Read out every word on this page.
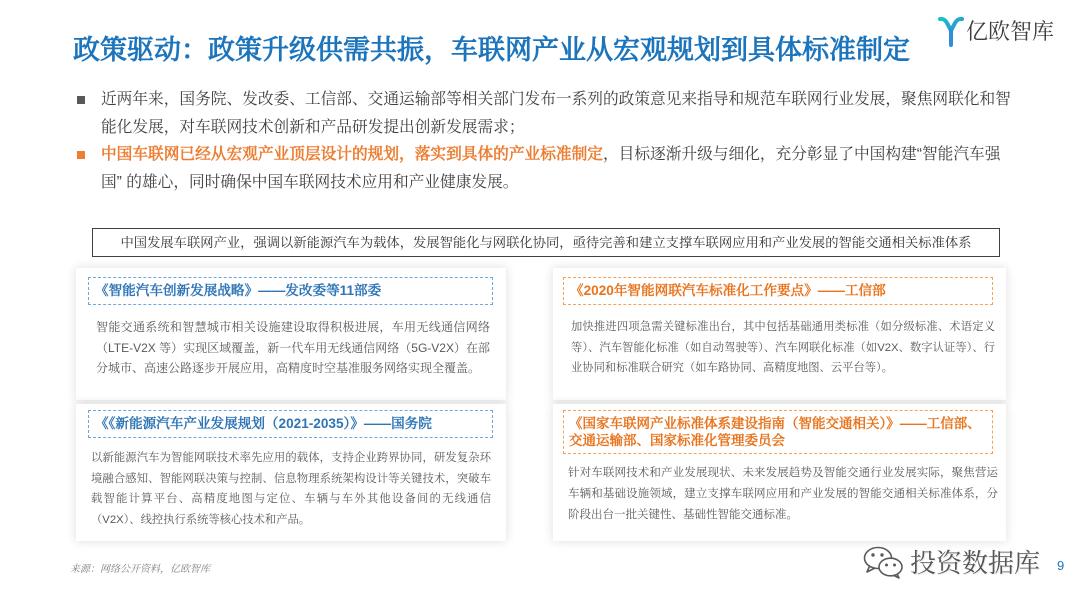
政策驱动：政策升级供需共振，车联网产业从宏观规划到具体标准制定
亿欧智库
近两年来，国务院、发改委、工信部、交通运输部等相关部门发布一系列的政策意见来指导和规范车联网行业发展，聚焦网联化和智能化发展，对车联网技术创新和产品研发提出创新发展需求；
中国车联网已经从宏观产业顶层设计的规划，落实到具体的产业标准制定，目标逐渐升级与细化，充分彰显了中国构建“智能汽车强国” 的雄心，同时确保中国车联网技术应用和产业健康发展。
中国发展车联网产业，强调以新能源汽车为载体，发展智能化与网联化协同，亟待完善和建立支撑车联网应用和产业发展的智能交通相关标准体系
《智能汽车创新发展战略》——发改委等11部委
智能交通系统和智慧城市相关设施建设取得积极进展，车用无线通信网络（LTE-V2X 等）实现区域覆盖，新一代车用无线通信网络（5G-V2X）在部分城市、高速公路逐步开展应用，高精度时空基准服务网络实现全覆盖。
《2020年智能网联汽车标准化工作要点》——工信部
加快推进四项急需关键标准出台，其中包括基础通用类标准（如分级标准、术语定义等）、汽车智能化标准（如自动驾驶等）、汽车网联化标准（如V2X、数字认证等）、行业协同和标准联合研究（如车路协同、高精度地图、云平台等）。
《《新能源汽车产业发展规划（2021-2035）》——国务院
以新能源汽车为智能网联技术率先应用的载体，支持企业跨界协同，研发复杂环境融合感知、智能网联决策与控制、信息物理系统架构设计等关键技术，突破车载智能计算平台、高精度地图与定位、车辆与车外其他设备间的无线通信（V2X）、线控执行系统等核心技术和产品。
《国家车联网产业标准体系建设指南（智能交通相关）》——工信部、交通运输部、国家标准化管理委员会
针对车联网技术和产业发展现状、未来发展趋势及智能交通行业发展实际，聚焦营运车辆和基础设施领域，建立支撑车联网应用和产业发展的智能交通相关标准体系，分阶段出台一批关键性、基础性智能交通标准。
来源：网络公开资料，亿欧智库	投资数据库 9
